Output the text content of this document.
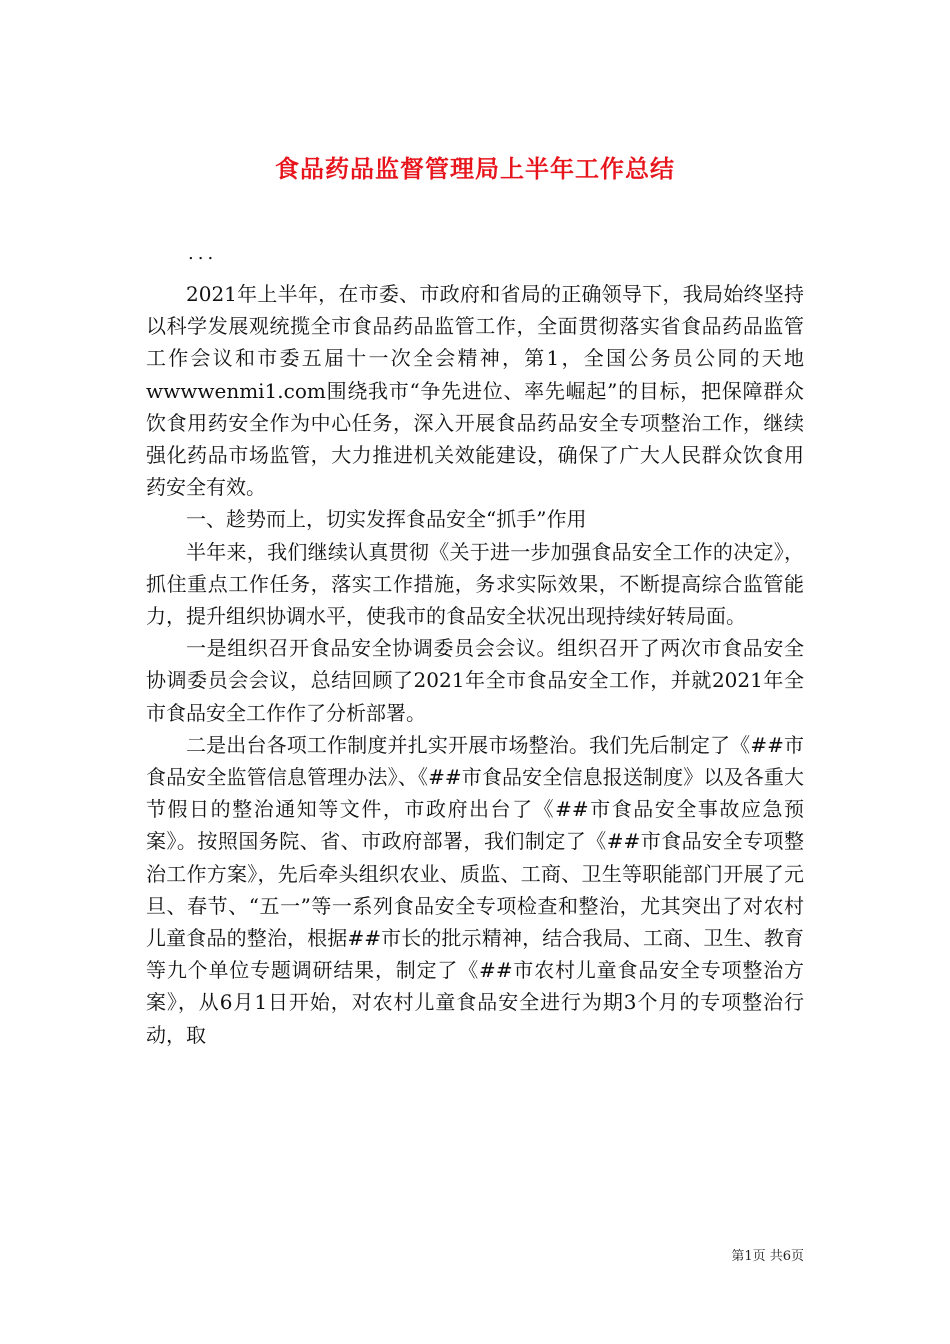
食品药品监督管理局上半年工作总结
...

2021年上半年，在市委、市政府和省局的正确领导下，我局始终坚持以科学发展观统揽全市食品药品监管工作，全面贯彻落实省食品药品监管工作会议和市委五届十一次全会精神，第1，全国公务员公同的天地wwwwenmi1.com围绕我市“争先进位、率先崛起”的目标，把保障群众饮食用药安全作为中心任务，深入开展食品药品安全专项整治工作，继续强化药品市场监管，大力推进机关效能建设，确保了广大人民群众饮食用药安全有效。

一、趁势而上，切实发挥食品安全“抓手”作用

半年来，我们继续认真贯彻《关于进一步加强食品安全工作的决定》，抓住重点工作任务，落实工作措施，务求实际效果，不断提高综合监管能力，提升组织协调水平，使我市的食品安全状况出现持续好转局面。

一是组织召开食品安全协调委员会会议。组织召开了两次市食品安全协调委员会会议，总结回顾了2021年全市食品安全工作，并就2021年全市食品安全工作作了分析部署。

二是出台各项工作制度并扎实开展市场整治。我们先后制定了《##市食品安全监管信息管理办法》、《##市食品安全信息报送制度》以及各重大节假日的整治通知等文件，市政府出台了《##市食品安全事故应急预案》。按照国务院、省、市政府部署，我们制定了《##市食品安全专项整治工作方案》，先后牵头组织农业、质监、工商、卫生等职能部门开展了元旦、春节、“五一”等一系列食品安全专项检查和整治，尤其突出了对农村儿童食品的整治，根据##市长的批示精神，结合我局、工商、卫生、教育等九个单位专题调研结果，制定了《##市农村儿童食品安全专项整治方案》，从6月1日开始，对农村儿童食品安全进行为期3个月的专项整治行动，取

第1页 共6页
